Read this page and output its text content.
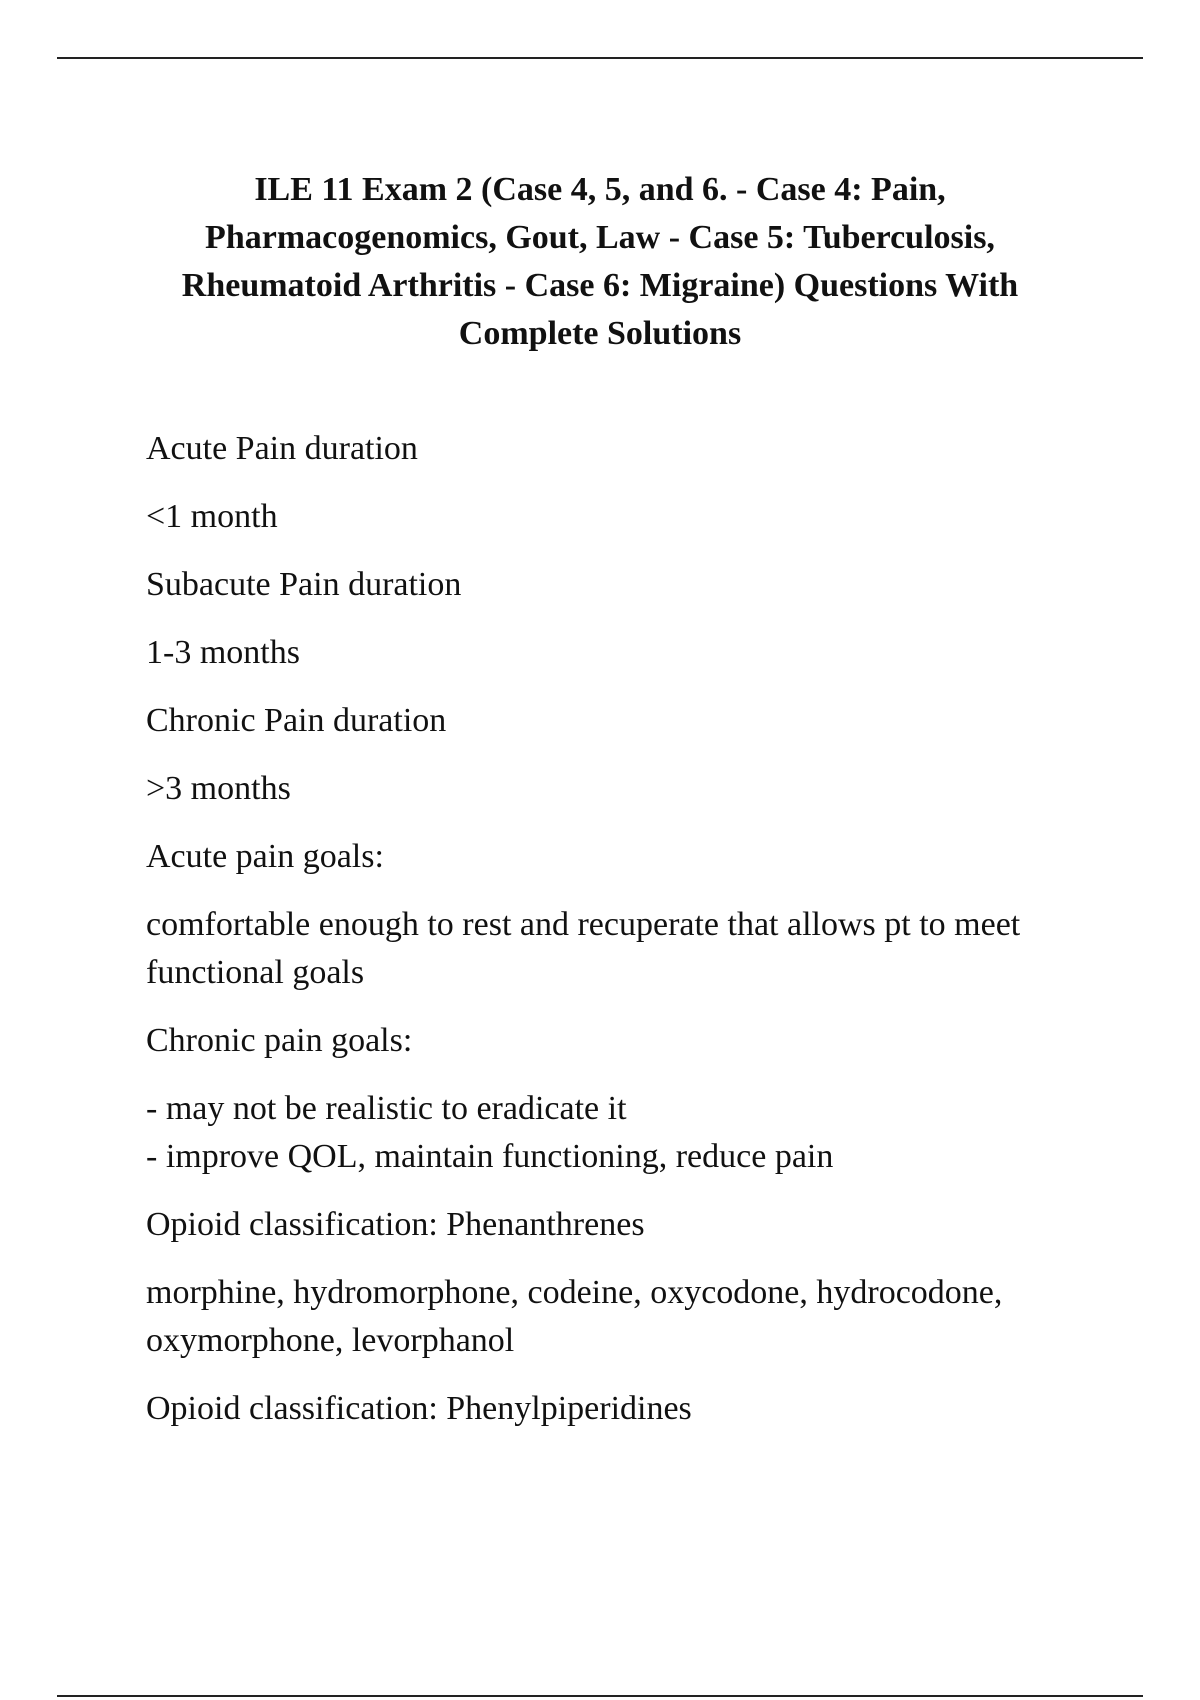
ILE 11 Exam 2 (Case 4, 5, and 6. - Case 4: Pain, Pharmacogenomics, Gout, Law - Case 5: Tuberculosis, Rheumatoid Arthritis - Case 6: Migraine) Questions With Complete Solutions

Acute Pain duration

<1 month

Subacute Pain duration

1-3 months

Chronic Pain duration

>3 months

Acute pain goals:

comfortable enough to rest and recuperate that allows pt to meet functional goals

Chronic pain goals:

- may not be realistic to eradicate it
- improve QOL, maintain functioning, reduce pain

Opioid classification: Phenanthrenes

morphine, hydromorphone, codeine, oxycodone, hydrocodone, oxymorphone, levorphanol

Opioid classification: Phenylpiperidines
